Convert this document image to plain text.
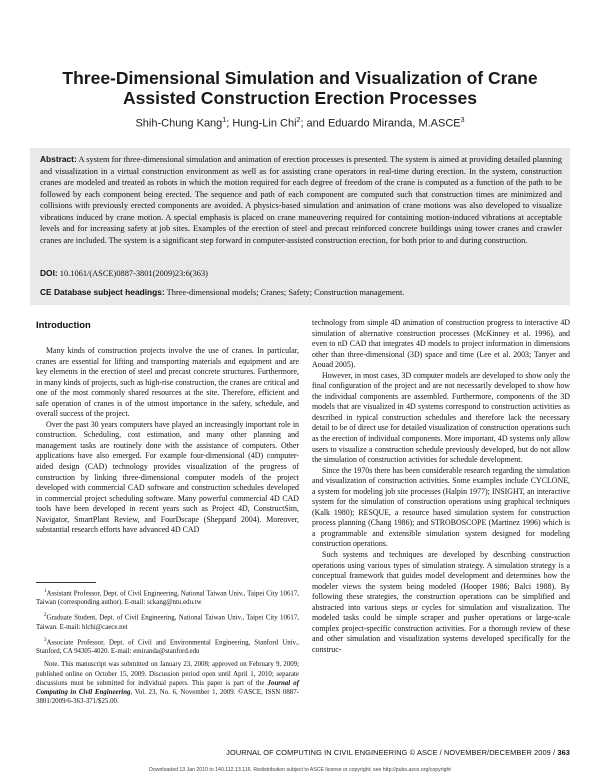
Three-Dimensional Simulation and Visualization of Crane Assisted Construction Erection Processes
Shih-Chung Kang$^1$; Hung-Lin Chi$^2$; and Eduardo Miranda, M.ASCE$^3$
Abstract: A system for three-dimensional simulation and animation of erection processes is presented. The system is aimed at providing detailed planning and visualization in a virtual construction environment as well as for assisting crane operators in real-time during erection. In the system, construction cranes are modeled and treated as robots in which the motion required for each degree of freedom of the crane is computed as a function of the path to be followed by each component being erected. The sequence and path of each component are computed such that construction times are minimized and collisions with previously erected components are avoided. A physics-based simulation and animation of crane motions was also developed to visualize vibrations induced by crane motion. A special emphasis is placed on crane maneuvering required for containing motion-induced vibrations at acceptable levels and for increasing safety at job sites. Examples of the erection of steel and precast reinforced concrete buildings using tower cranes and crawler cranes are included. The system is a significant step forward in computer-assisted construction erection, for both prior to and during construction.
DOI: 10.1061/(ASCE)0887-3801(2009)23:6(363)
CE Database subject headings: Three-dimensional models; Cranes; Safety; Construction management.
Introduction

Many kinds of construction projects involve the use of cranes. In particular, cranes are essential for lifting and transporting materials and equipment and are key elements in the erection of steel and precast concrete structures. Furthermore, in many kinds of projects, such as high-rise construction, the cranes are critical and one of the most commonly shared resources at the site. Therefore, efficient and safe operation of cranes is of the utmost importance in the safety, schedule, and overall success of the project.

Over the past 30 years computers have played an increasingly important role in construction. Scheduling, cost estimation, and many other planning and management tasks are routinely done with the assistance of computers. Other applications have also emerged. For example four-dimensional (4D) computer-aided design (CAD) technology provides visualization of the progress of construction by linking three-dimensional computer models of the project developed with commercial CAD software and construction schedules developed in commercial project scheduling software. Many powerful commercial 4D CAD tools have been developed in recent years such as Project 4D, ConstructSim, Navigator, SmartPlant Review, and FourDscape (Sheppard 2004). Moreover, substantial research efforts have advanced 4D CAD

technology from simple 4D animation of construction progress to interactive 4D simulation of alternative construction processes (McKinney et al. 1996), and even to nD CAD that integrates 4D models to project information in dimensions other than three-dimensional (3D) space and time (Lee et al. 2003; Tanyer and Aouad 2005).

However, in most cases, 3D computer models are developed to show only the final configuration of the project and are not necessarily developed to show how the individual components are assembled. Furthermore, components of the 3D models that are visualized in 4D systems correspond to construction activities as described in typical construction schedules and therefore lack the necessary detail to be of direct use for detailed visualization of construction operations such as the erection of individual components. More important, 4D systems only allow users to visualize a construction schedule previously developed, but do not allow the simulation of construction activities for schedule development.

Since the 1970s there has been considerable research regarding the simulation and visualization of construction activities. Some examples include CYCLONE, a system for modeling job site processes (Halpin 1977); INSIGHT, an interactive system for the simulation of construction operations using graphical techniques (Kalk 1980); RESQUE, a resource based simulation system for construction process planning (Chang 1986); and STROBOSCOPE (Martinez 1996) which is a programmable and extensible simulation system designed for modeling construction operations.

Such systems and techniques are developed by describing construction operations using various types of simulation strategy. A simulation strategy is a conceptual framework that guides model development and determines how the modeler views the system being modeled (Hooper 1986; Balci 1988). By following these strategies, the construction operations can be simplified and abstracted into various steps or cycles for simulation and visualization. The modeled tasks could be simple scraper and pusher operations or large-scale complex project-specific construction activities. For a thorough review of these and other simulation and visualization systems developed specifically for the construc-

$^1$Assistant Professor, Dept. of Civil Engineering, National Taiwan Univ., Taipei City 10617, Taiwan (corresponding author). E-mail: sckang@ntu.edu.tw

$^2$Graduate Student, Dept. of Civil Engineering, National Taiwan Univ., Taipei City 10617, Taiwan. E-mail: hlchi@caece.net

$^3$Associate Professor, Dept. of Civil and Environmental Engineering, Stanford Univ., Stanford, CA 94305-4020. E-mail: emiranda@stanford.edu

Note. This manuscript was submitted on January 23, 2008; approved on February 9, 2009; published online on October 15, 2009. Discussion period open until April 1, 2010; separate discussions must be submitted for individual papers. This paper is part of the Journal of Computing in Civil Engineering, Vol. 23, No. 6, November 1, 2009. ©ASCE, ISSN 0887-3801/2009/6-363-371/$25.00.

JOURNAL OF COMPUTING IN CIVIL ENGINEERING © ASCE / NOVEMBER/DECEMBER 2009 / 363
Downloaded 13 Jan 2010 to 140.112.13.116. Redistribution subject to ASCE license or copyright; see http://pubs.asce.org/copyright
